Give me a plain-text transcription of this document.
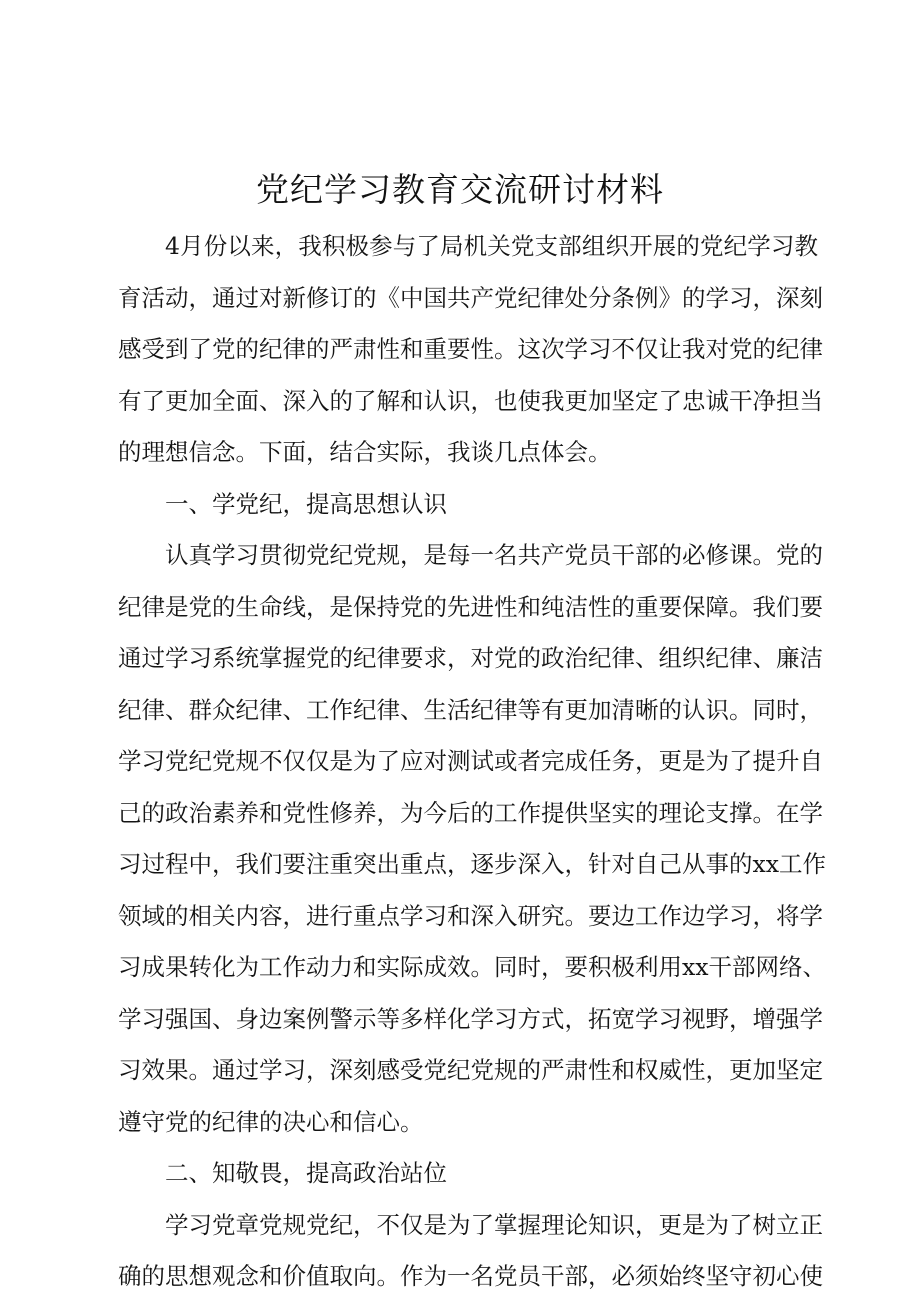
党纪学习教育交流研讨材料
4月份以来，我积极参与了局机关党支部组织开展的党纪学习教
育活动，通过对新修订的《中国共产党纪律处分条例》的学习，深刻
感受到了党的纪律的严肃性和重要性。这次学习不仅让我对党的纪律
有了更加全面、深入的了解和认识，也使我更加坚定了忠诚干净担当
的理想信念。下面，结合实际，我谈几点体会。
一、学党纪，提高思想认识
认真学习贯彻党纪党规，是每一名共产党员干部的必修课。党的
纪律是党的生命线，是保持党的先进性和纯洁性的重要保障。我们要
通过学习系统掌握党的纪律要求，对党的政治纪律、组织纪律、廉洁
纪律、群众纪律、工作纪律、生活纪律等有更加清晰的认识。同时，
学习党纪党规不仅仅是为了应对测试或者完成任务，更是为了提升自
己的政治素养和党性修养，为今后的工作提供坚实的理论支撑。在学
习过程中，我们要注重突出重点，逐步深入，针对自己从事的xx工作
领域的相关内容，进行重点学习和深入研究。要边工作边学习，将学
习成果转化为工作动力和实际成效。同时，要积极利用xx干部网络、
学习强国、身边案例警示等多样化学习方式，拓宽学习视野，增强学
习效果。通过学习，深刻感受党纪党规的严肃性和权威性，更加坚定
遵守党的纪律的决心和信心。
二、知敬畏，提高政治站位
学习党章党规党纪，不仅是为了掌握理论知识，更是为了树立正
确的思想观念和价值取向。作为一名党员干部，必须始终坚守初心使
